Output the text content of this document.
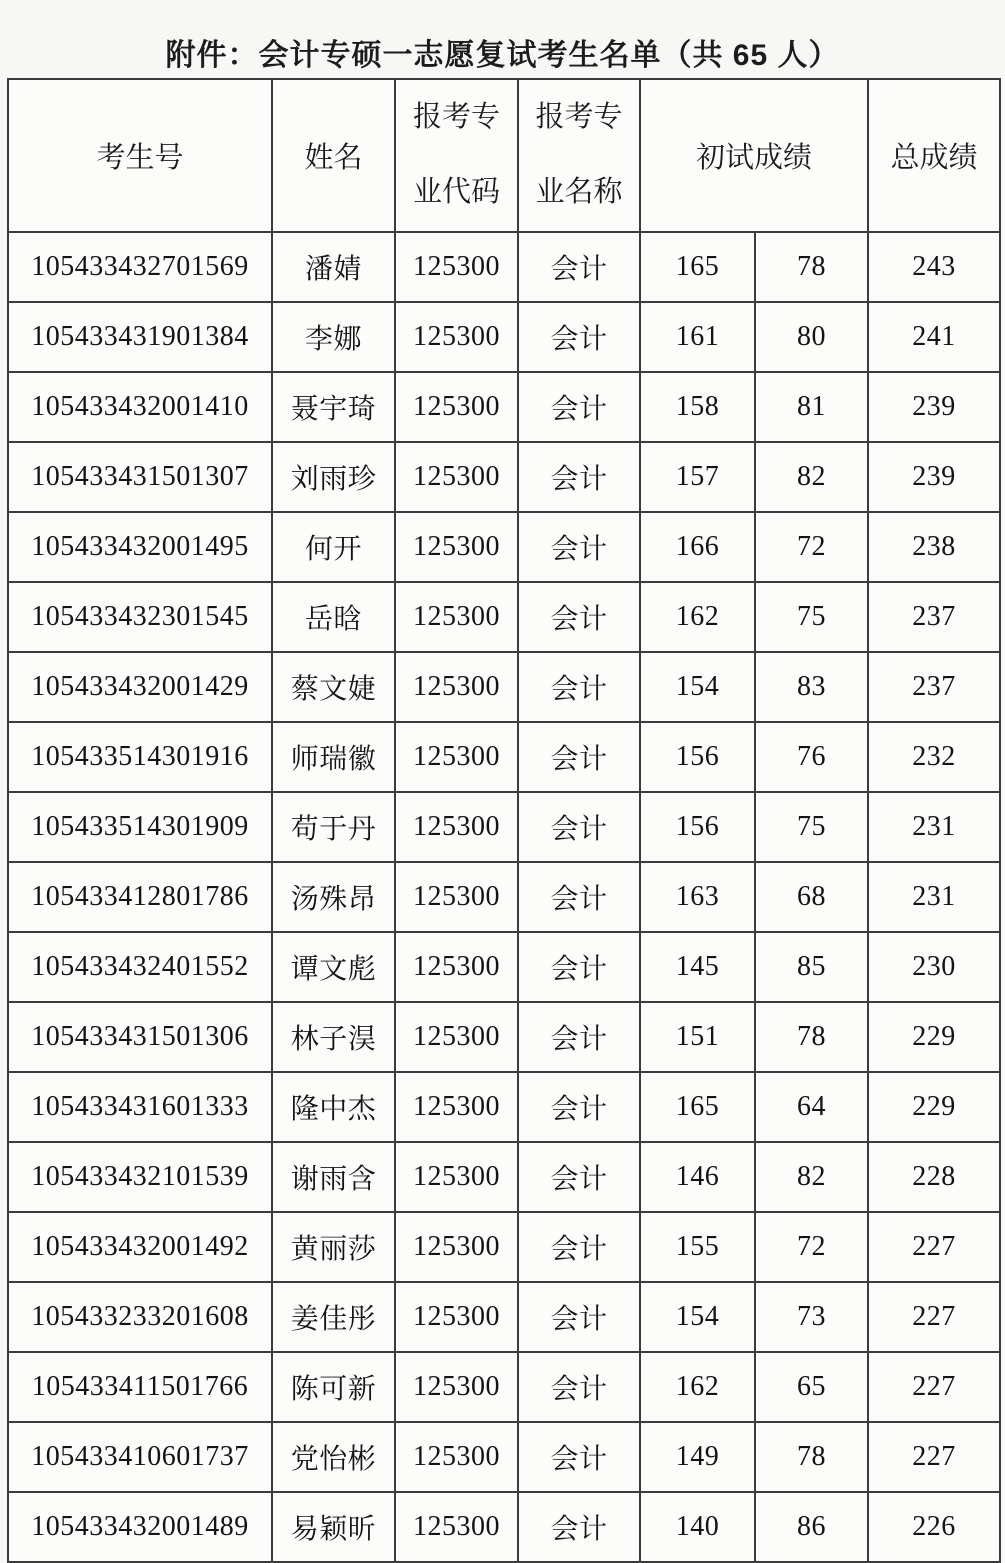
附件：会计专硕一志愿复试考生名单（共 65 人）
考生号	姓名	报考专业代码	报考专业名称	初试成绩		总成绩
105433432701569	潘婧	125300	会计	165	78	243
105433431901384	李娜	125300	会计	161	80	241
105433432001410	聂宇琦	125300	会计	158	81	239
105433431501307	刘雨珍	125300	会计	157	82	239
105433432001495	何开	125300	会计	166	72	238
105433432301545	岳晗	125300	会计	162	75	237
105433432001429	蔡文婕	125300	会计	154	83	237
105433514301916	师瑞徽	125300	会计	156	76	232
105433514301909	苟于丹	125300	会计	156	75	231
105433412801786	汤殊昂	125300	会计	163	68	231
105433432401552	谭文彪	125300	会计	145	85	230
105433431501306	林子淏	125300	会计	151	78	229
105433431601333	隆中杰	125300	会计	165	64	229
105433432101539	谢雨含	125300	会计	146	82	228
105433432001492	黄丽莎	125300	会计	155	72	227
105433233201608	姜佳彤	125300	会计	154	73	227
105433411501766	陈可新	125300	会计	162	65	227
105433410601737	党怡彬	125300	会计	149	78	227
105433432001489	易颖昕	125300	会计	140	86	226
